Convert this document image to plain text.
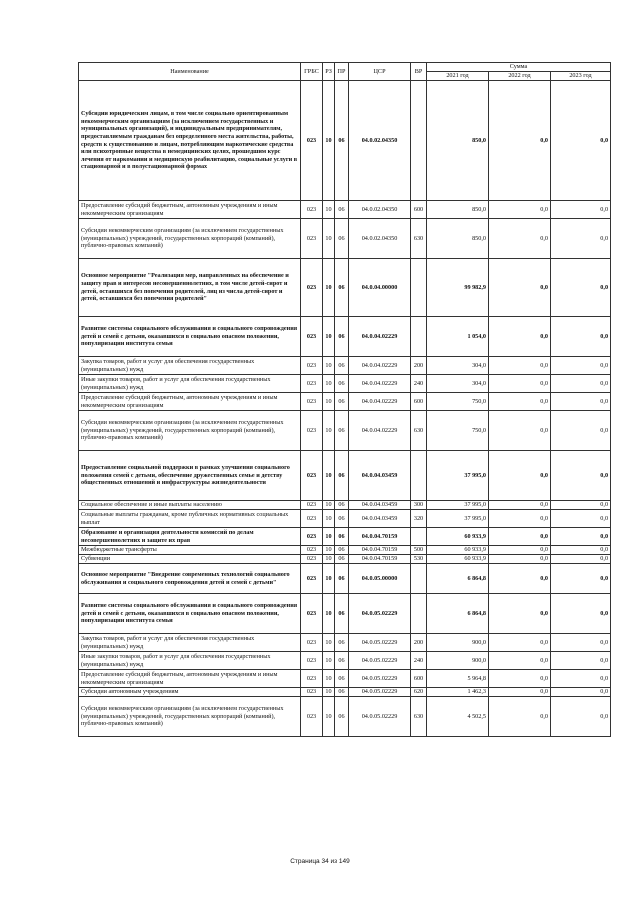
Наименование	ГРБС	РЗ	ПР	ЦСР	ВР	Сумма		
						2021 год	2022 год	2023 год
Субсидии юридическим лицам, в том числе социально ориентированным некоммерческим организациям (за исключением государственных и муниципальных организаций), и индивидуальным предпринимателям, предоставляемым гражданам без определенного места жительства, работы, средств к существованию и лицам, потребляющим наркотические средства или психотропные вещества в немедицинских целях, прошедшим курс лечения от наркомании и медицинскую реабилитацию, социальные услуги в стационарной и в полустационарной формах	023	10	06	04.0.02.04350		850,0	0,0	0,0
Предоставление субсидий бюджетным, автономным учреждениям и иным некоммерческим организациям	023	10	06	04.0.02.04350	600	850,0	0,0	0,0
Субсидии некоммерческим организациям (за исключением государственных (муниципальных) учреждений, государственных корпораций (компаний), публично-правовых компаний)	023	10	06	04.0.02.04350	630	850,0	0,0	0,0
Основное мероприятие "Реализация мер, направленных на обеспечение и защиту прав и интересов несовершеннолетних, в том числе детей-сирот и детей, оставшихся без попечения родителей, лиц из числа детей-сирот и детей, оставшихся без попечения родителей"	023	10	06	04.0.04.00000		99 982,9	0,0	0,0
Развитие системы социального обслуживания и социального сопровождения детей и семей с детьми, оказавшихся в социально опасном положении, популяризации института семьи	023	10	06	04.0.04.02229		1 054,0	0,0	0,0
Закупка товаров, работ и услуг для обеспечения государственных (муниципальных) нужд	023	10	06	04.0.04.02229	200	304,0	0,0	0,0
Иные закупки товаров, работ и услуг для обеспечения государственных (муниципальных) нужд	023	10	06	04.0.04.02229	240	304,0	0,0	0,0
Предоставление субсидий бюджетным, автономным учреждениям и иным некоммерческим организациям	023	10	06	04.0.04.02229	600	750,0	0,0	0,0
Субсидии некоммерческим организациям (за исключением государственных (муниципальных) учреждений, государственных корпораций (компаний), публично-правовых компаний)	023	10	06	04.0.04.02229	630	750,0	0,0	0,0
Предоставление социальной поддержки в рамках улучшения социального положения семей с детьми, обеспечение дружественных семье и детству общественных отношений и инфраструктуры жизнедеятельности	023	10	06	04.0.04.03459		37 995,0	0,0	0,0
Социальное обеспечение и иные выплаты населению	023	10	06	04.0.04.03459	300	37 995,0	0,0	0,0
Социальные выплаты гражданам, кроме публичных нормативных социальных выплат	023	10	06	04.0.04.03459	320	37 995,0	0,0	0,0
Образование и организация деятельности комиссий по делам несовершеннолетних и защите их прав	023	10	06	04.0.04.70159		60 933,9	0,0	0,0
Межбюджетные трансферты	023	10	06	04.0.04.70159	500	60 933,9	0,0	0,0
Субвенции	023	10	06	04.0.04.70159	530	60 933,9	0,0	0,0
Основное мероприятие "Внедрение современных технологий социального обслуживания и социального сопровождения детей и семей с детьми"	023	10	06	04.0.05.00000		6 864,8	0,0	0,0
Развитие системы социального обслуживания и социального сопровождения детей и семей с детьми, оказавшихся в социально опасном положении, популяризации института семьи	023	10	06	04.0.05.02229		6 864,8	0,0	0,0
Закупка товаров, работ и услуг для обеспечения государственных (муниципальных) нужд	023	10	06	04.0.05.02229	200	900,0	0,0	0,0
Иные закупки товаров, работ и услуг для обеспечения государственных (муниципальных) нужд	023	10	06	04.0.05.02229	240	900,0	0,0	0,0
Предоставление субсидий бюджетным, автономным учреждениям и иным некоммерческим организациям	023	10	06	04.0.05.02229	600	5 964,8	0,0	0,0
Субсидии автономным учреждениям	023	10	06	04.0.05.02229	620	1 462,3	0,0	0,0
Субсидии некоммерческим организациям (за исключением государственных (муниципальных) учреждений, государственных корпораций (компаний), публично-правовых компаний)	023	10	06	04.0.05.02229	630	4 502,5	0,0	0,0
Страница 34 из 149
